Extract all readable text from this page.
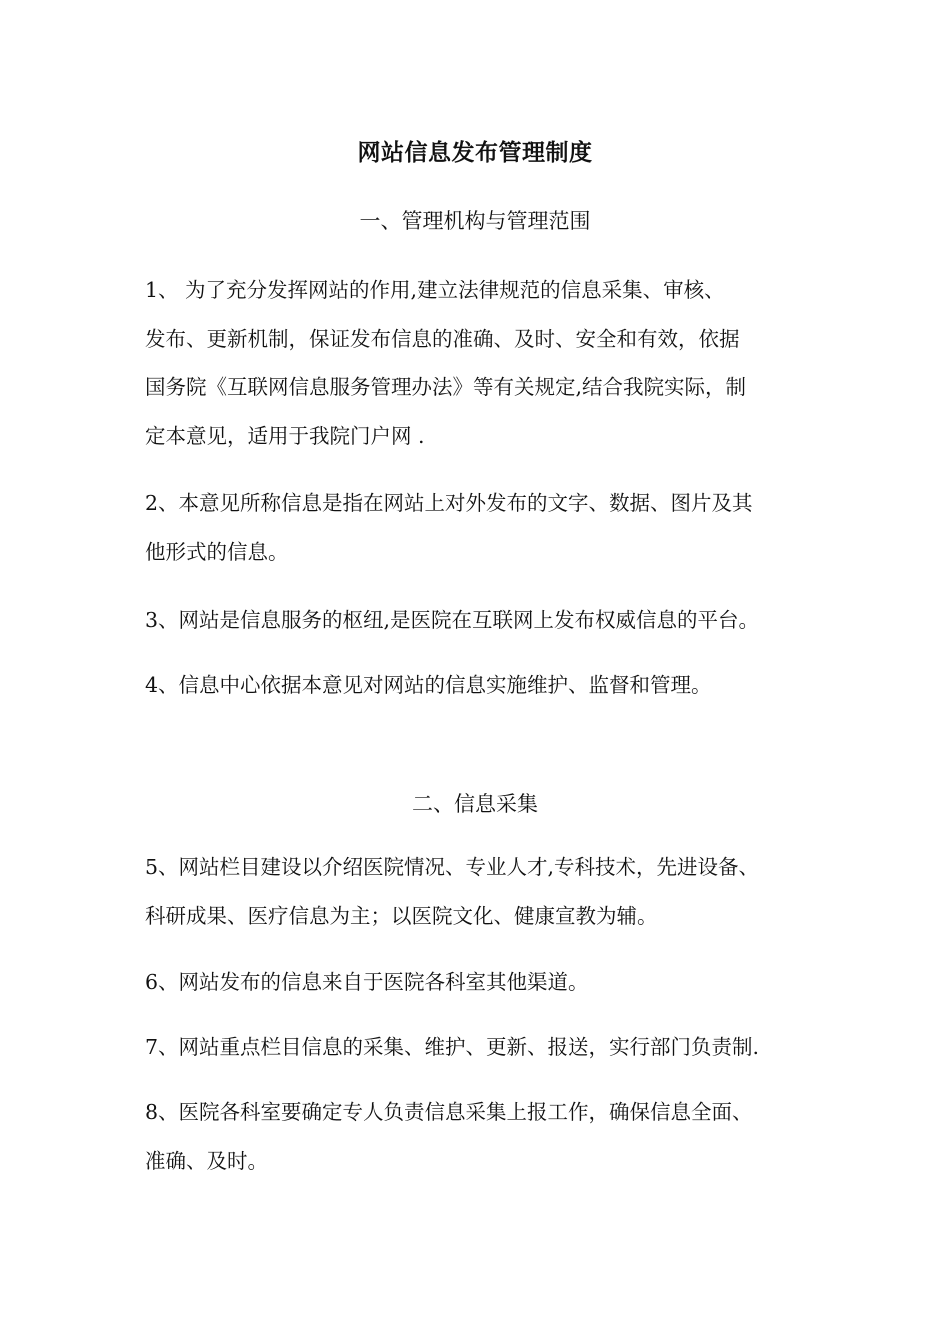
网站信息发布管理制度
一、管理机构与管理范围

1、 为了充分发挥网站的作用,建立法律规范的信息采集、审核、
发布、更新机制，保证发布信息的准确、及时、安全和有效，依据
国务院《互联网信息服务管理办法》等有关规定,结合我院实际，制
定本意见，适用于我院门户网 .

2、本意见所称信息是指在网站上对外发布的文字、数据、图片及其
他形式的信息。

3、网站是信息服务的枢纽,是医院在互联网上发布权威信息的平台。

4、信息中心依据本意见对网站的信息实施维护、监督和管理。

二、信息采集

5、网站栏目建设以介绍医院情况、专业人才,专科技术，先进设备、
科研成果、医疗信息为主；以医院文化、健康宣教为辅。

6、网站发布的信息来自于医院各科室其他渠道。

7、网站重点栏目信息的采集、维护、更新、报送，实行部门负责制.

8、医院各科室要确定专人负责信息采集上报工作，确保信息全面、
准确、及时。
